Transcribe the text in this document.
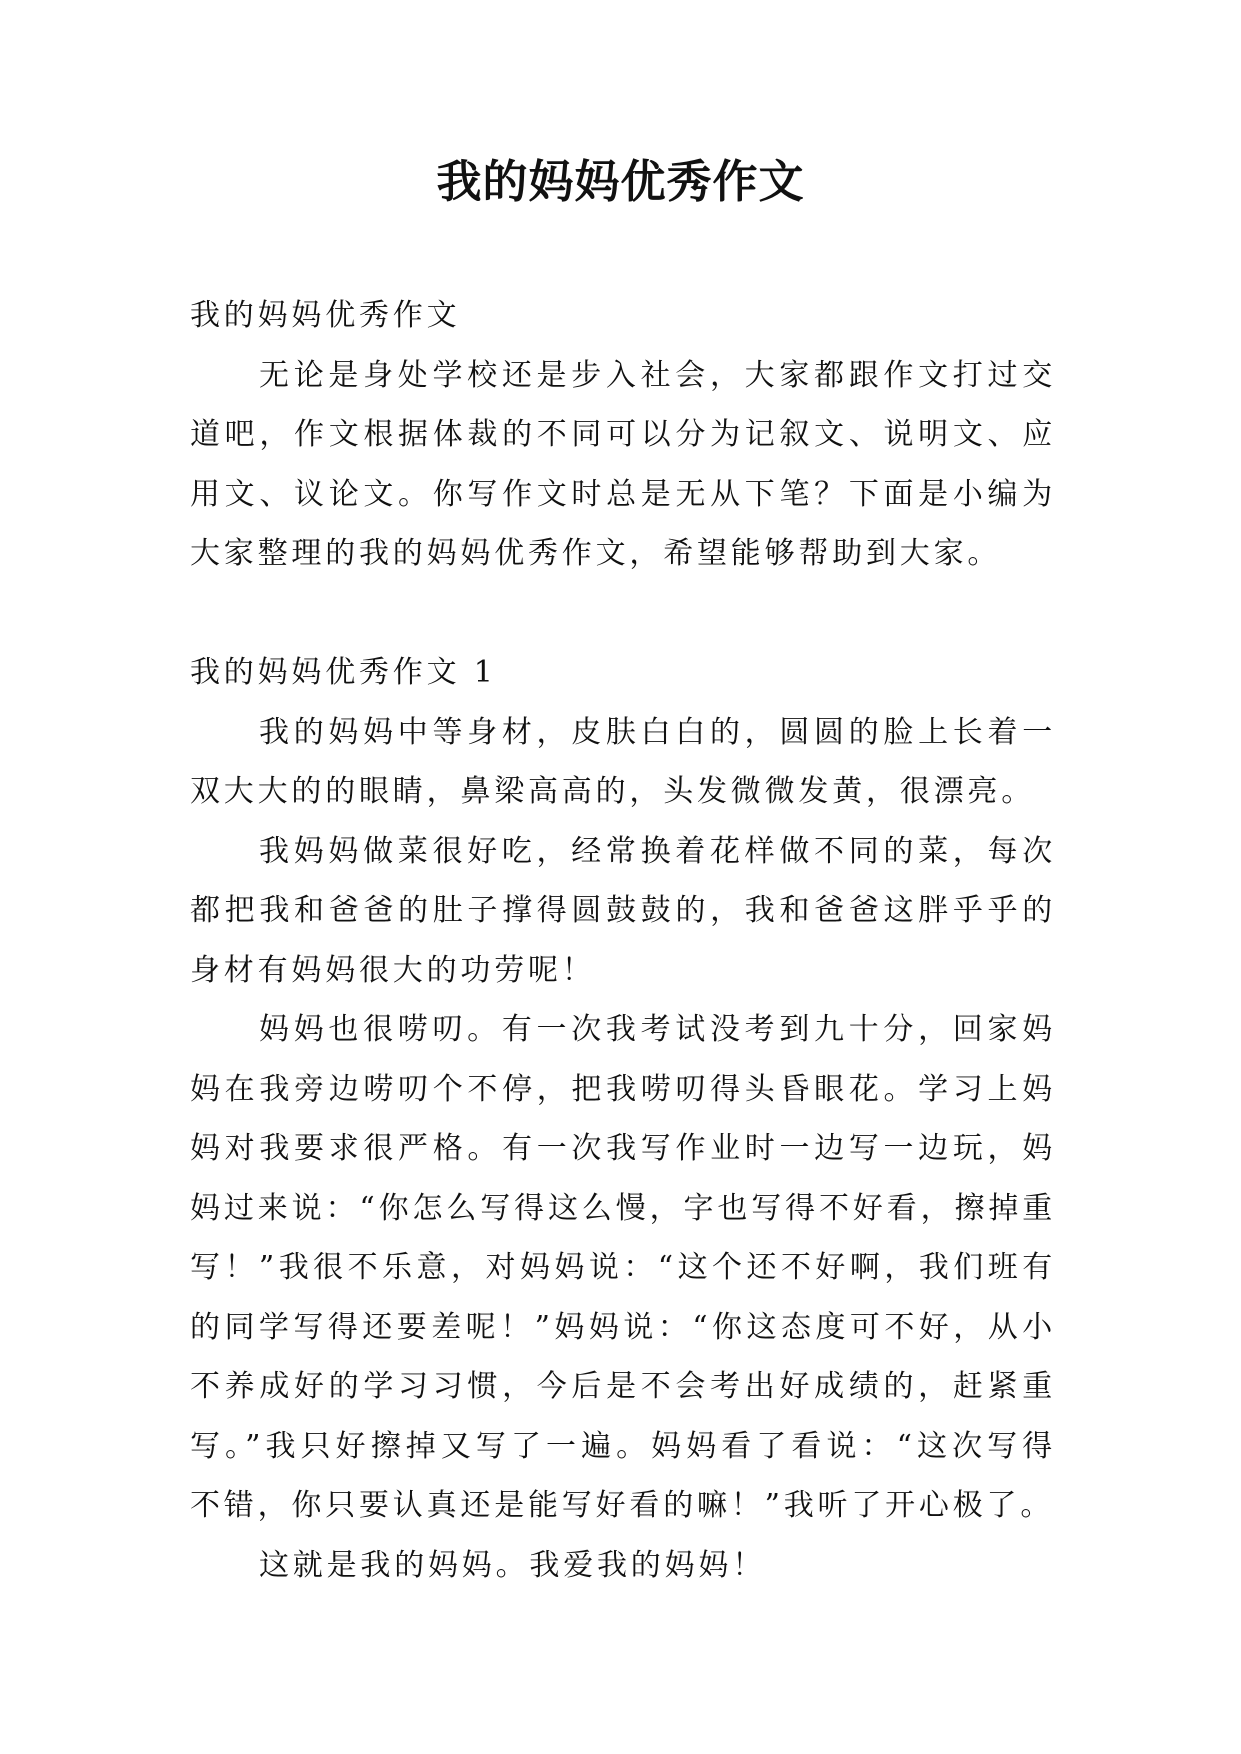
我的妈妈优秀作文

我的妈妈优秀作文

无论是身处学校还是步入社会，大家都跟作文打过交道吧，作文根据体裁的不同可以分为记叙文、说明文、应用文、议论文。你写作文时总是无从下笔？下面是小编为大家整理的我的妈妈优秀作文，希望能够帮助到大家。

我的妈妈优秀作文 1

我的妈妈中等身材，皮肤白白的，圆圆的脸上长着一双大大的的眼睛，鼻梁高高的，头发微微发黄，很漂亮。

我妈妈做菜很好吃，经常换着花样做不同的菜，每次都把我和爸爸的肚子撑得圆鼓鼓的，我和爸爸这胖乎乎的身材有妈妈很大的功劳呢！

妈妈也很唠叨。有一次我考试没考到九十分，回家妈妈在我旁边唠叨个不停，把我唠叨得头昏眼花。学习上妈妈对我要求很严格。有一次我写作业时一边写一边玩，妈妈过来说：“你怎么写得这么慢，字也写得不好看，擦掉重写！”我很不乐意，对妈妈说：“这个还不好啊，我们班有的同学写得还要差呢！”妈妈说：“你这态度可不好，从小不养成好的学习习惯，今后是不会考出好成绩的，赶紧重写。”我只好擦掉又写了一遍。妈妈看了看说：“这次写得不错，你只要认真还是能写好看的嘛！”我听了开心极了。

这就是我的妈妈。我爱我的妈妈！
